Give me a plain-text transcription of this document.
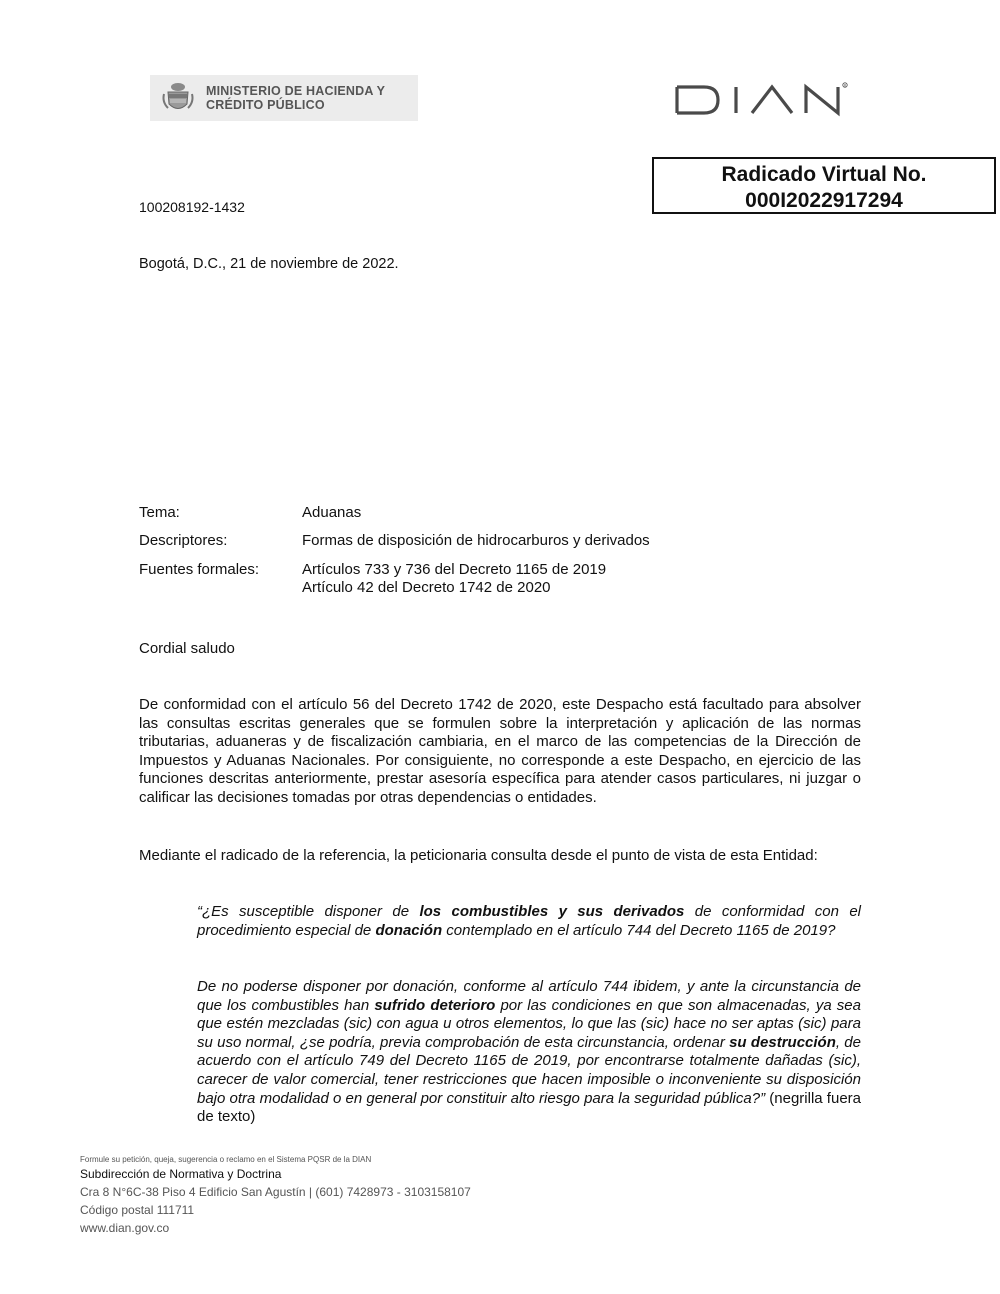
MINISTERIO DE HACIENDA Y
CRÉDITO PÚBLICO
R
DIAN
Radicado Virtual No.
000I2022917294
100208192-1432
Bogotá, D.C., 21 de noviembre de 2022.
Tema:	Aduanas
Descriptores:	Formas de disposición de hidrocarburos y derivados
Fuentes formales:	Artículos 733 y 736 del Decreto 1165 de 2019
Artículo 42 del Decreto 1742 de 2020
Cordial saludo
De conformidad con el artículo 56 del Decreto 1742 de 2020, este Despacho está facultado para absolver las consultas escritas generales que se formulen sobre la interpretación y aplicación de las normas tributarias, aduaneras y de fiscalización cambiaria, en el marco de las competencias de la Dirección de Impuestos y Aduanas Nacionales. Por consiguiente, no corresponde a este Despacho, en ejercicio de las funciones descritas anteriormente, prestar asesoría específica para atender casos particulares, ni juzgar o calificar las decisiones tomadas por otras dependencias o entidades.
Mediante el radicado de la referencia, la peticionaria consulta desde el punto de vista de esta Entidad:
“¿Es susceptible disponer de los combustibles y sus derivados de conformidad con el procedimiento especial de donación contemplado en el artículo 744 del Decreto 1165 de 2019?
De no poderse disponer por donación, conforme al artículo 744 ibidem, y ante la circunstancia de que los combustibles han sufrido deterioro por las condiciones en que son almacenadas, ya sea que estén mezcladas (sic) con agua u otros elementos, lo que las (sic) hace no ser aptas (sic) para su uso normal, ¿se podría, previa comprobación de esta circunstancia, ordenar su destrucción, de acuerdo con el artículo 749 del Decreto 1165 de 2019, por encontrarse totalmente dañadas (sic), carecer de valor comercial, tener restricciones que hacen imposible o inconveniente su disposición bajo otra modalidad o en general por constituir alto riesgo para la seguridad pública?” (negrilla fuera de texto)
Formule su petición, queja, sugerencia o reclamo en el Sistema PQSR de la DIAN
Subdirección de Normativa y Doctrina
Cra 8 N°6C-38 Piso 4 Edificio San Agustín | (601) 7428973 - 3103158107
Código postal 111711
www.dian.gov.co
